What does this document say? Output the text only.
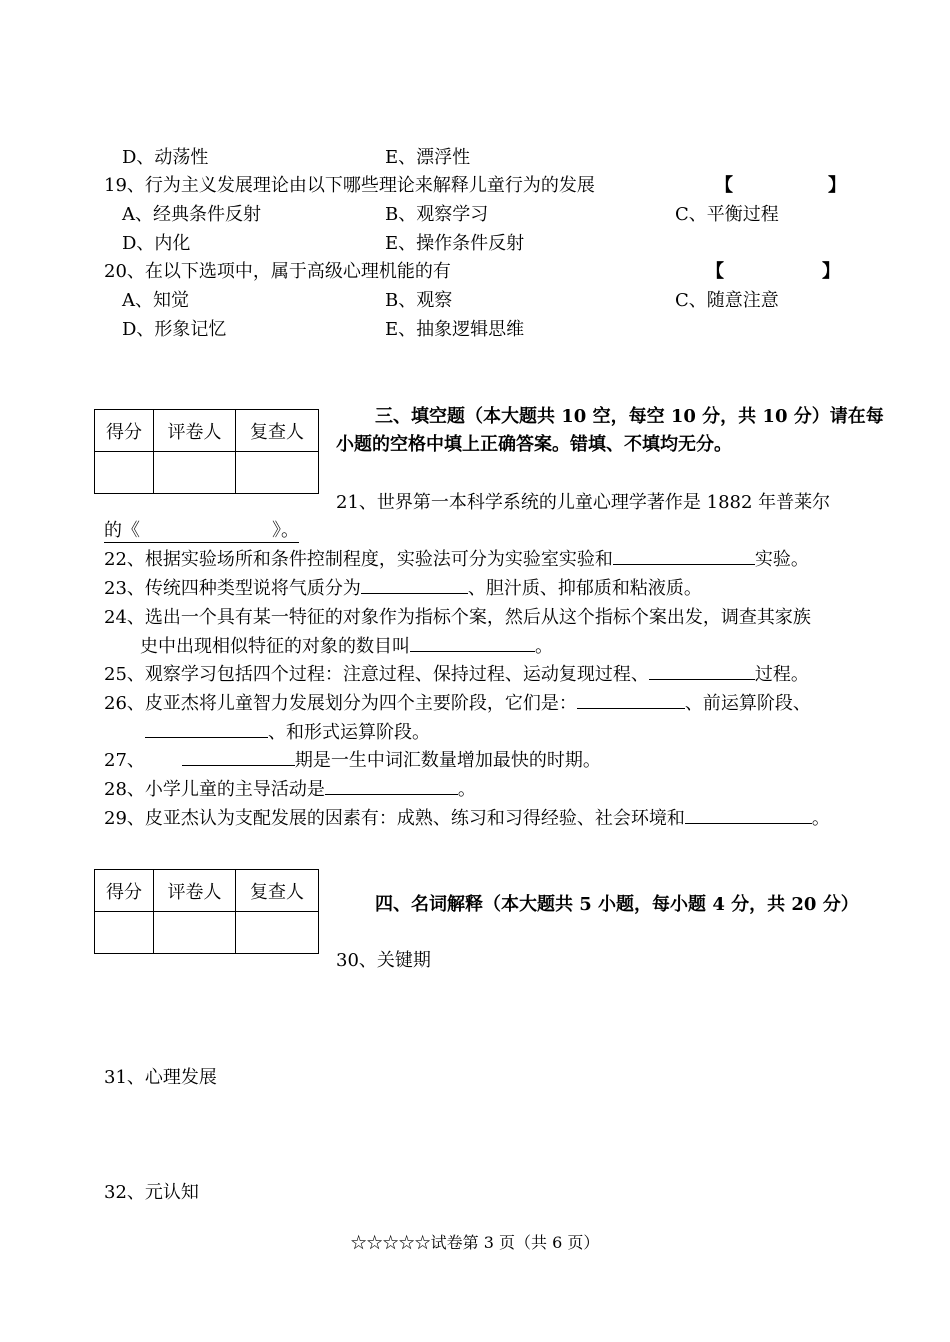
D、动荡性	E、漂浮性
19、行为主义发展理论由以下哪些理论来解释儿童行为的发展	【	】
A、经典条件反射	B、观察学习	C、平衡过程
D、内化	E、操作条件反射
20、在以下选项中，属于高级心理机能的有	【	】
A、知觉	B、观察	C、随意注意
D、形象记忆	E、抽象逻辑思维
得分	评卷人	复查人

三、填空题（本大题共 10 空，每空 10 分，共 10 分）请在每
小题的空格中填上正确答案。错填、不填均无分。
21、世界第一本科学系统的儿童心理学著作是 1882 年普莱尔
的《	》。
22、根据实验场所和条件控制程度，实验法可分为实验室实验和	实验。
23、传统四种类型说将气质分为	、胆汁质、抑郁质和粘液质。
24、选出一个具有某一特征的对象作为指标个案，然后从这个指标个案出发，调查其家族
史中出现相似特征的对象的数目叫	。
25、观察学习包括四个过程：注意过程、保持过程、运动复现过程、	过程。
26、皮亚杰将儿童智力发展划分为四个主要阶段，它们是：	、前运算阶段、
、和形式运算阶段。
27、	期是一生中词汇数量增加最快的时期。
28、小学儿童的主导活动是	。
29、皮亚杰认为支配发展的因素有：成熟、练习和习得经验、社会环境和	。
得分	评卷人	复查人

四、名词解释（本大题共 5 小题，每小题 4 分，共 20 分）
30、关键期
31、心理发展
32、元认知
☆☆☆☆☆试卷第 3 页（共 6 页）
